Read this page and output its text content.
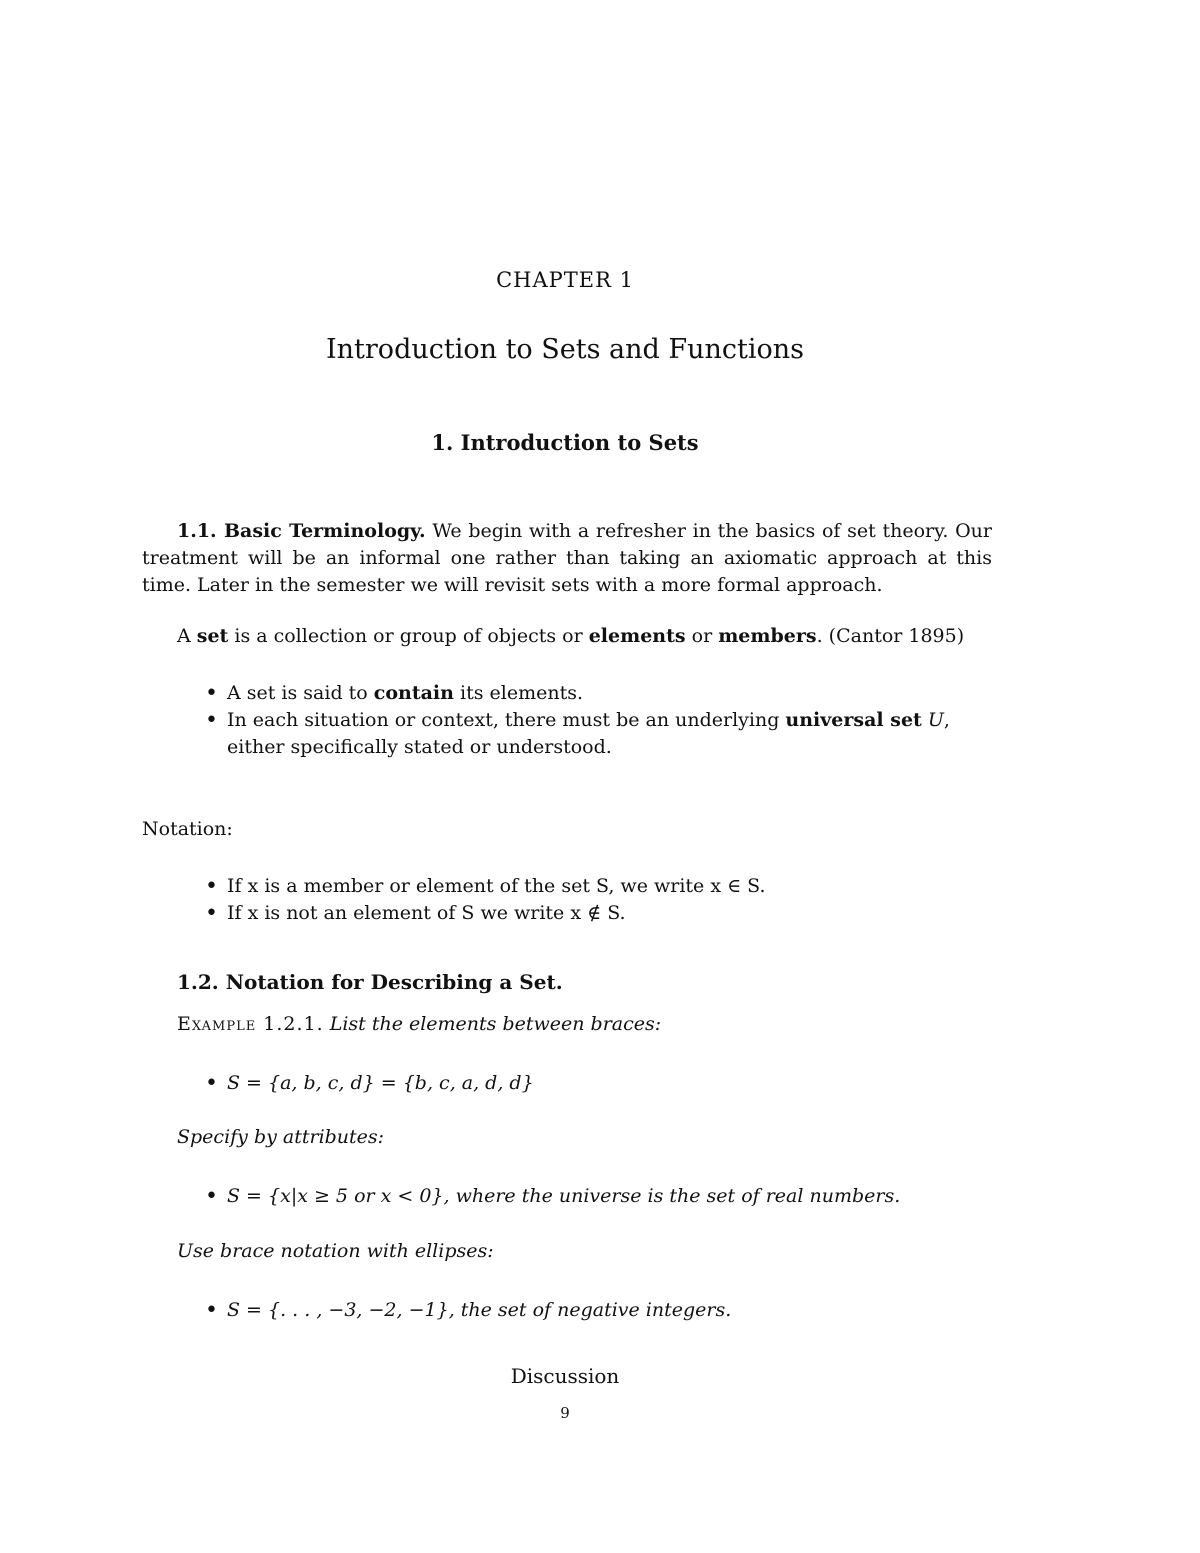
CHAPTER 1
Introduction to Sets and Functions
1. Introduction to Sets
1.1. Basic Terminology. We begin with a refresher in the basics of set theory. Our treatment will be an informal one rather than taking an axiomatic approach at this time. Later in the semester we will revisit sets with a more formal approach.
A set is a collection or group of objects or elements or members. (Cantor 1895)
• A set is said to contain its elements.
• In each situation or context, there must be an underlying universal set U, either specifically stated or understood.
Notation:
• If x is a member or element of the set S, we write x ∈ S.
• If x is not an element of S we write x ∉ S.
1.2. Notation for Describing a Set.
Example 1.2.1. List the elements between braces:
• S = {a, b, c, d} = {b, c, a, d, d}
Specify by attributes:
• S = {x|x ≥ 5 or x < 0}, where the universe is the set of real numbers.
Use brace notation with ellipses:
• S = {. . . , −3, −2, −1}, the set of negative integers.
Discussion
9
